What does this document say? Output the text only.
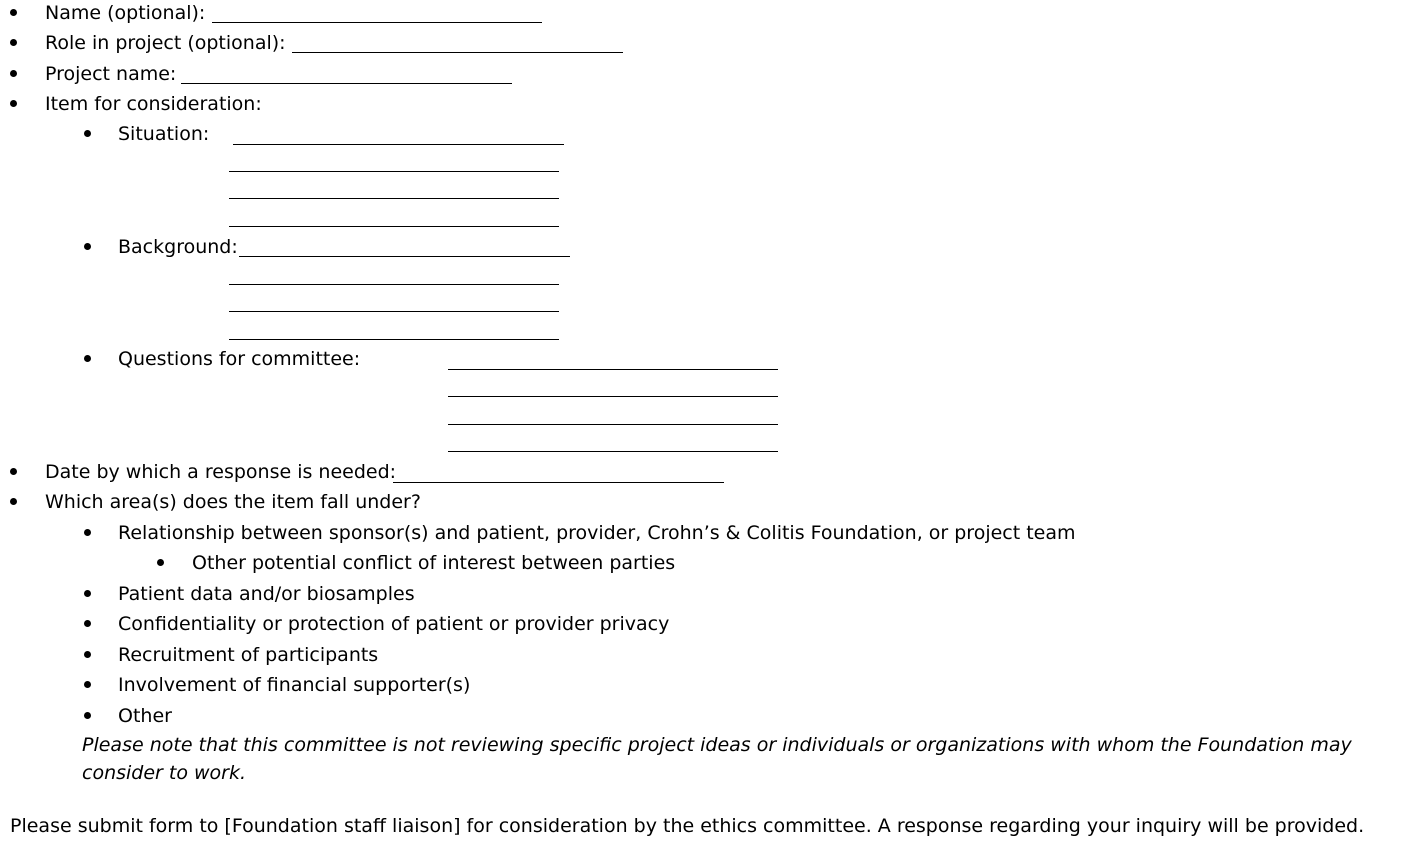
Name (optional):
Role in project (optional):
Project name:
Item for consideration:
Situation:
Background:
Questions for committee:
Date by which a response is needed:
Which area(s) does the item fall under?
Relationship between sponsor(s) and patient, provider, Crohn’s & Colitis Foundation, or project team
Other potential conflict of interest between parties
Patient data and/or biosamples
Confidentiality or protection of patient or provider privacy
Recruitment of participants
Involvement of financial supporter(s)
Other
Please note that this committee is not reviewing specific project ideas or individuals or organizations with whom the Foundation may consider to work.
Please submit form to [Foundation staff liaison] for consideration by the ethics committee. A response regarding your inquiry will be provided.
